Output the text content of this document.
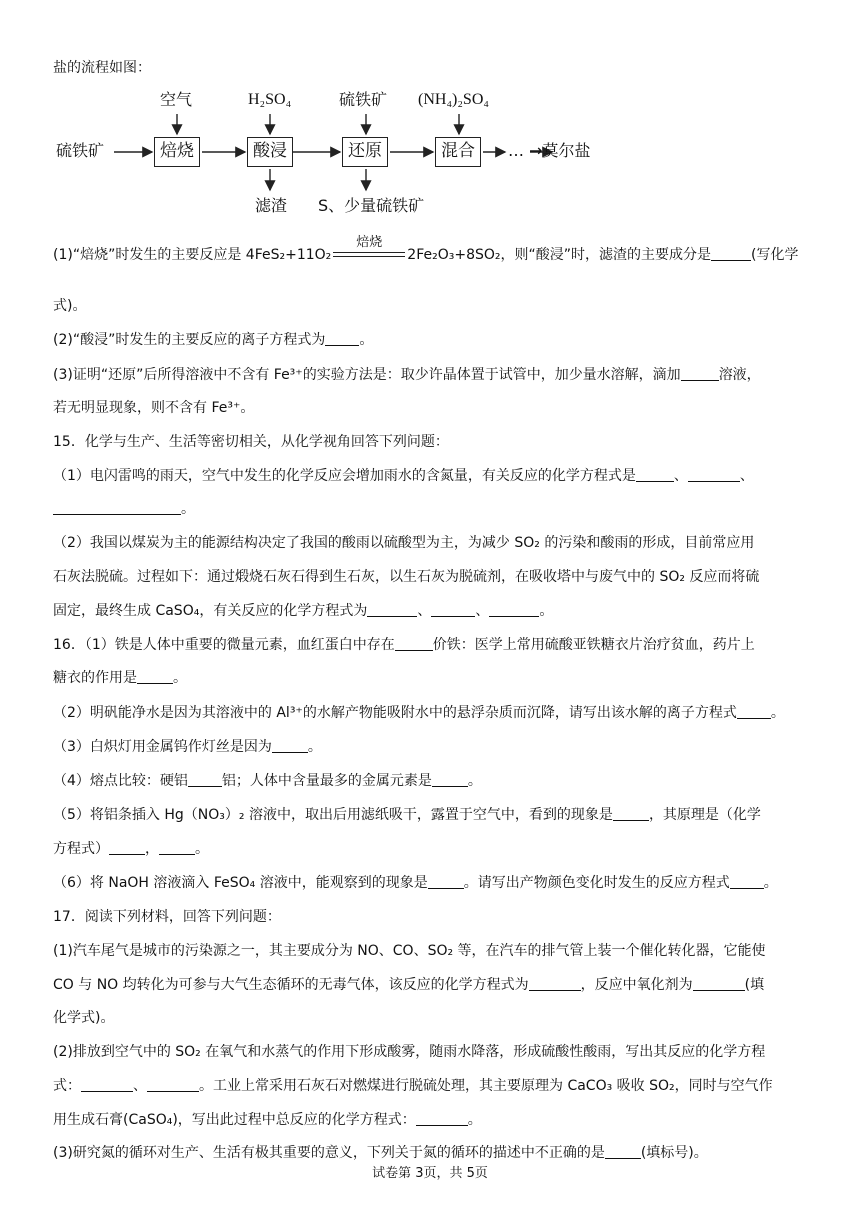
盐的流程如图：
硫铁矿	焙烧	酸浸	还原	混合
空气	H₂SO₄	硫铁矿 (NH₄)₂SO₄
… →莫尔盐
滤渣 S、少量硫铁矿
(1)“焙烧”时发生的主要反应是 4FeS₂+11O₂
焙烧
2Fe₂O₃+8SO₂，则“酸浸”时，滤渣的主要成分是	(写化学
式)。
(2)“酸浸”时发生的主要反应的离子方程式为 。
(3)证明“还原”后所得溶液中不含有 Fe³⁺的实验方法是：取少许晶体置于试管中，加少量水溶解，滴加	溶液，
若无明显现象，则不含有 Fe³⁺。
15．化学与生产、生活等密切相关，从化学视角回答下列问题：
（1）电闪雷鸣的雨天，空气中发生的化学反应会增加雨水的含氮量，有关反应的化学方程式是	、	、
。
（2）我国以煤炭为主的能源结构决定了我国的酸雨以硫酸型为主，为减少 SO₂ 的污染和酸雨的形成，目前常应用
石灰法脱硫。过程如下：通过煅烧石灰石得到生石灰，以生石灰为脱硫剂，在吸收塔中与废气中的 SO₂ 反应而将硫
固定，最终生成 CaSO₄，有关反应的化学方程式为	、	、	。
16．（1）铁是人体中重要的微量元素，血红蛋白中存在	价铁：医学上常用硫酸亚铁糖衣片治疗贫血，药片上
糖衣的作用是	。
（2）明矾能净水是因为其溶液中的 Al³⁺的水解产物能吸附水中的悬浮杂质而沉降，请写出该水解的离子方程式 。
（3）白炽灯用金属钨作灯丝是因为	。
（4）熔点比较：硬铝 铝；人体中含量最多的金属元素是	。
（5）将铝条插入 Hg（NO₃）₂ 溶液中，取出后用滤纸吸干，露置于空气中，看到的现象是	，其原理是（化学
方程式）	，	。
（6）将 NaOH 溶液滴入 FeSO₄ 溶液中，能观察到的现象是	。请写出产物颜色变化时发生的反应方程式 。
17．阅读下列材料，回答下列问题：
(1)汽车尾气是城市的污染源之一，其主要成分为 NO、CO、SO₂ 等，在汽车的排气管上装一个催化转化器，它能使
CO 与 NO 均转化为可参与大气生态循环的无毒气体，该反应的化学方程式为	，反应中氧化剂为	(填
化学式)。
(2)排放到空气中的 SO₂ 在氧气和水蒸气的作用下形成酸雾，随雨水降落，形成硫酸性酸雨，写出其反应的化学方程
式：	、	。工业上常采用石灰石对燃煤进行脱硫处理，其主要原理为 CaCO₃ 吸收 SO₂，同时与空气作
用生成石膏(CaSO₄)，写出此过程中总反应的化学方程式：	。
(3)研究氮的循环对生产、生活有极其重要的意义，下列关于氮的循环的描述中不正确的是	(填标号)。
试卷第 3页，共 5页
